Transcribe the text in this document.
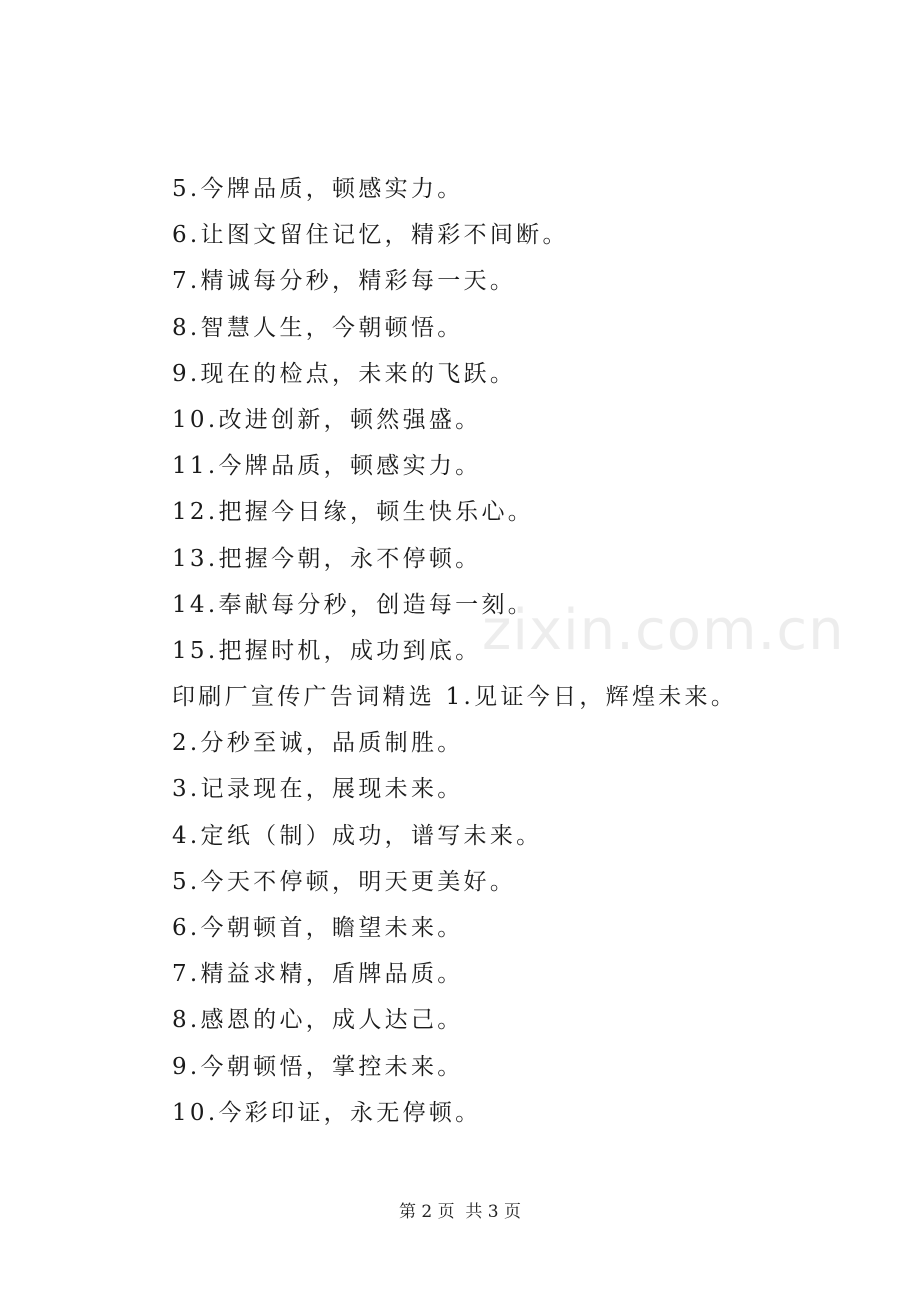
5.今牌品质，顿感实力。
6.让图文留住记忆，精彩不间断。
7.精诚每分秒，精彩每一天。
8.智慧人生，今朝顿悟。
9.现在的检点，未来的飞跃。
10.改进创新，顿然强盛。
11.今牌品质，顿感实力。
12.把握今日缘，顿生快乐心。
13.把握今朝，永不停顿。
14.奉献每分秒，创造每一刻。
15.把握时机，成功到底。
印刷厂宣传广告词精选 1.见证今日，辉煌未来。
2.分秒至诚，品质制胜。
3.记录现在，展现未来。
4.定纸（制）成功，谱写未来。
5.今天不停顿，明天更美好。
6.今朝顿首，瞻望未来。
7.精益求精，盾牌品质。
8.感恩的心，成人达己。
9.今朝顿悟，掌控未来。
10.今彩印证，永无停顿。
zixin.com.cn
第 2 页  共 3 页
